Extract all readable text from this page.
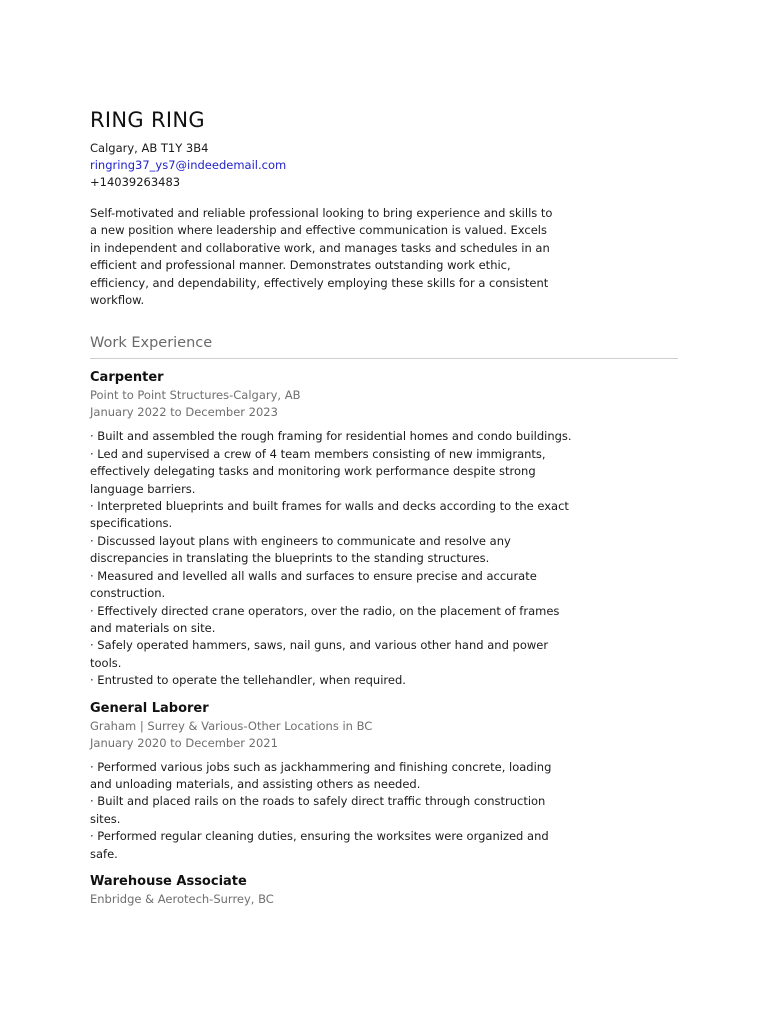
RING RING
Calgary, AB T1Y 3B4
ringring37_ys7@indeedemail.com
+14039263483
Self-motivated and reliable professional looking to bring experience and skills to a new position where leadership and effective communication is valued. Excels in independent and collaborative work, and manages tasks and schedules in an efficient and professional manner. Demonstrates outstanding work ethic, efficiency, and dependability, effectively employing these skills for a consistent workflow.
Work Experience
Carpenter
Point to Point Structures-Calgary, AB
January 2022 to December 2023
· Built and assembled the rough framing for residential homes and condo buildings.
· Led and supervised a crew of 4 team members consisting of new immigrants, effectively delegating tasks and monitoring work performance despite strong language barriers.
· Interpreted blueprints and built frames for walls and decks according to the exact specifications.
· Discussed layout plans with engineers to communicate and resolve any discrepancies in translating the blueprints to the standing structures.
· Measured and levelled all walls and surfaces to ensure precise and accurate construction.
· Effectively directed crane operators, over the radio, on the placement of frames and materials on site.
· Safely operated hammers, saws, nail guns, and various other hand and power tools.
· Entrusted to operate the tellehandler, when required.
General Laborer
Graham | Surrey & Various-Other Locations in BC
January 2020 to December 2021
· Performed various jobs such as jackhammering and finishing concrete, loading and unloading materials, and assisting others as needed.
· Built and placed rails on the roads to safely direct traffic through construction sites.
· Performed regular cleaning duties, ensuring the worksites were organized and safe.
Warehouse Associate
Enbridge & Aerotech-Surrey, BC
